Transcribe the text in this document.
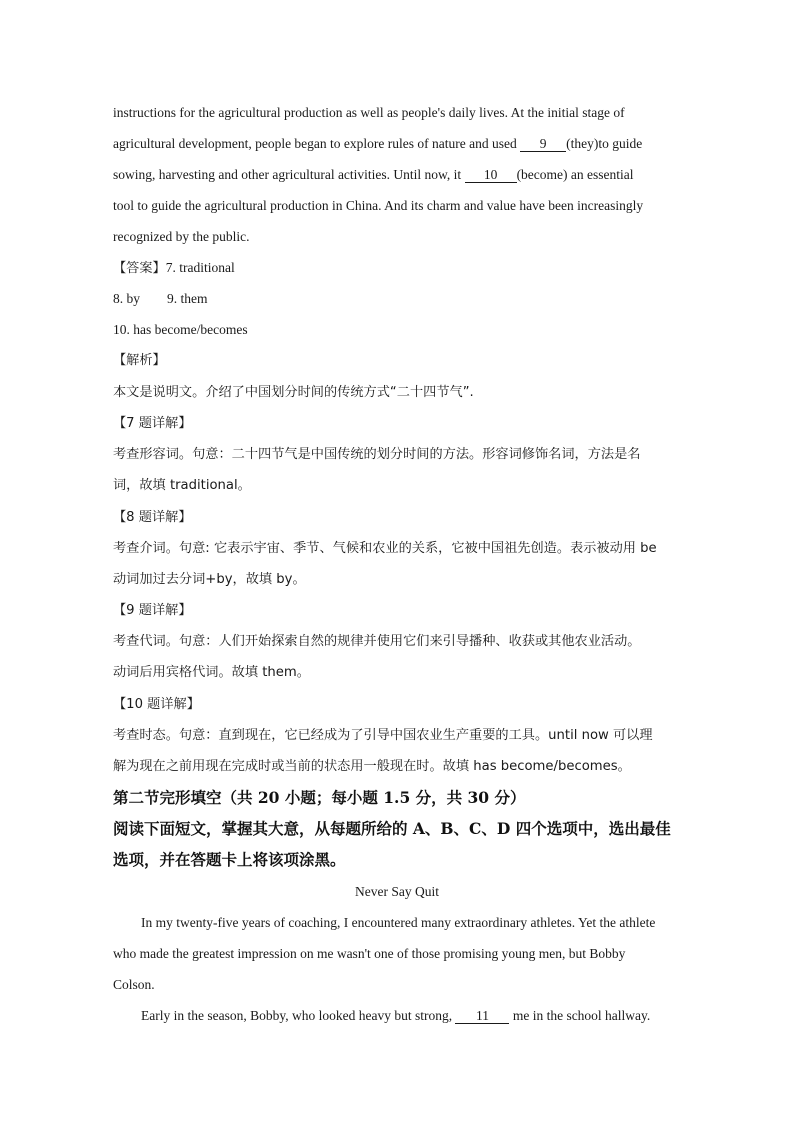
instructions for the agricultural production as well as people's daily lives. At the initial stage of
agricultural development, people began to explore rules of nature and used 9 (they)to guide
sowing, harvesting and other agricultural activities. Until now, it 10 (become) an essential
tool to guide the agricultural production in China. And its charm and value have been increasingly
recognized by the public.
【答案】7. traditional
8. by 9. them
10. has become/becomes
【解析】
本文是说明文。介绍了中国划分时间的传统方式“二十四节气”.
【7 题详解】
考查形容词。句意：二十四节气是中国传统的划分时间的方法。形容词修饰名词，方法是名
词，故填 traditional。
【8 题详解】
考查介词。句意: 它表示宇宙、季节、气候和农业的关系，它被中国祖先创造。表示被动用 be
动词加过去分词+by，故填 by。
【9 题详解】
考查代词。句意：人们开始探索自然的规律并使用它们来引导播种、收获或其他农业活动。
动词后用宾格代词。故填 them。
【10 题详解】
考查时态。句意：直到现在，它已经成为了引导中国农业生产重要的工具。until now 可以理
解为现在之前用现在完成时或当前的状态用一般现在时。故填 has become/becomes。
第二节完形填空（共 20 小题；每小题 1.5 分，共 30 分）
阅读下面短文，掌握其大意，从每题所给的 A、B、C、D 四个选项中，选出最佳
选项，并在答题卡上将该项涂黑。
Never Say Quit
In my twenty-five years of coaching, I encountered many extraordinary athletes. Yet the athlete
who made the greatest impression on me wasn't one of those promising young men, but Bobby
Colson.
Early in the season, Bobby, who looked heavy but strong, 11 me in the school hallway.
